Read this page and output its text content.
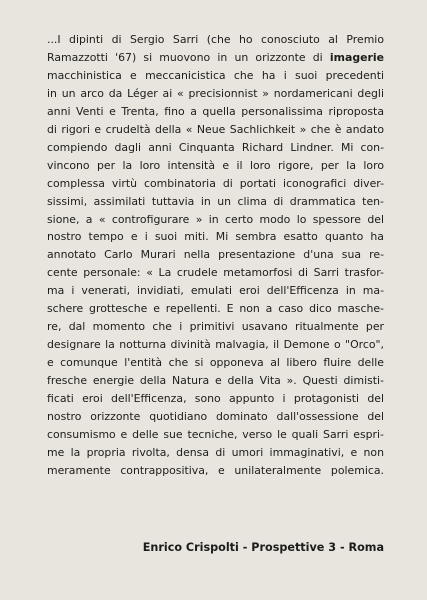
...I dipinti di Sergio Sarri (che ho conosciuto al Premio
Ramazzotti '67) si muovono in un orizzonte di imagerie
macchinistica e meccanicistica che ha i suoi precedenti
in un arco da Léger ai « precisionnist » nordamericani degli
anni Venti e Trenta, fino a quella personalissima riproposta
di rigori e crudeltà della « Neue Sachlichkeit » che è andato
compiendo dagli anni Cinquanta Richard Lindner. Mi con-
vincono per la loro intensità e il loro rigore, per la loro
complessa virtù combinatoria di portati iconografici diver-
sissimi, assimilati tuttavia in un clima di drammatica ten-
sione, a « controfigurare » in certo modo lo spessore del
nostro tempo e i suoi miti. Mi sembra esatto quanto ha
annotato Carlo Murari nella presentazione d'una sua re-
cente personale: « La crudele metamorfosi di Sarri trasfor-
ma i venerati, invidiati, emulati eroi dell'Efficenza in ma-
schere grottesche e repellenti. E non a caso dico masche-
re, dal momento che i primitivi usavano ritualmente per
designare la notturna divinità malvagia, il Demone o "Orco",
e comunque l'entità che si opponeva al libero fluire delle
fresche energie della Natura e della Vita ». Questi dimisti-
ficati eroi dell'Efficenza, sono appunto i protagonisti del
nostro orizzonte quotidiano dominato dall'ossessione del
consumismo e delle sue tecniche, verso le quali Sarri espri-
me la propria rivolta, densa di umori immaginativi, e non
meramente contrappositiva, e unilateralmente polemica.
Enrico Crispolti - Prospettive 3 - Roma
